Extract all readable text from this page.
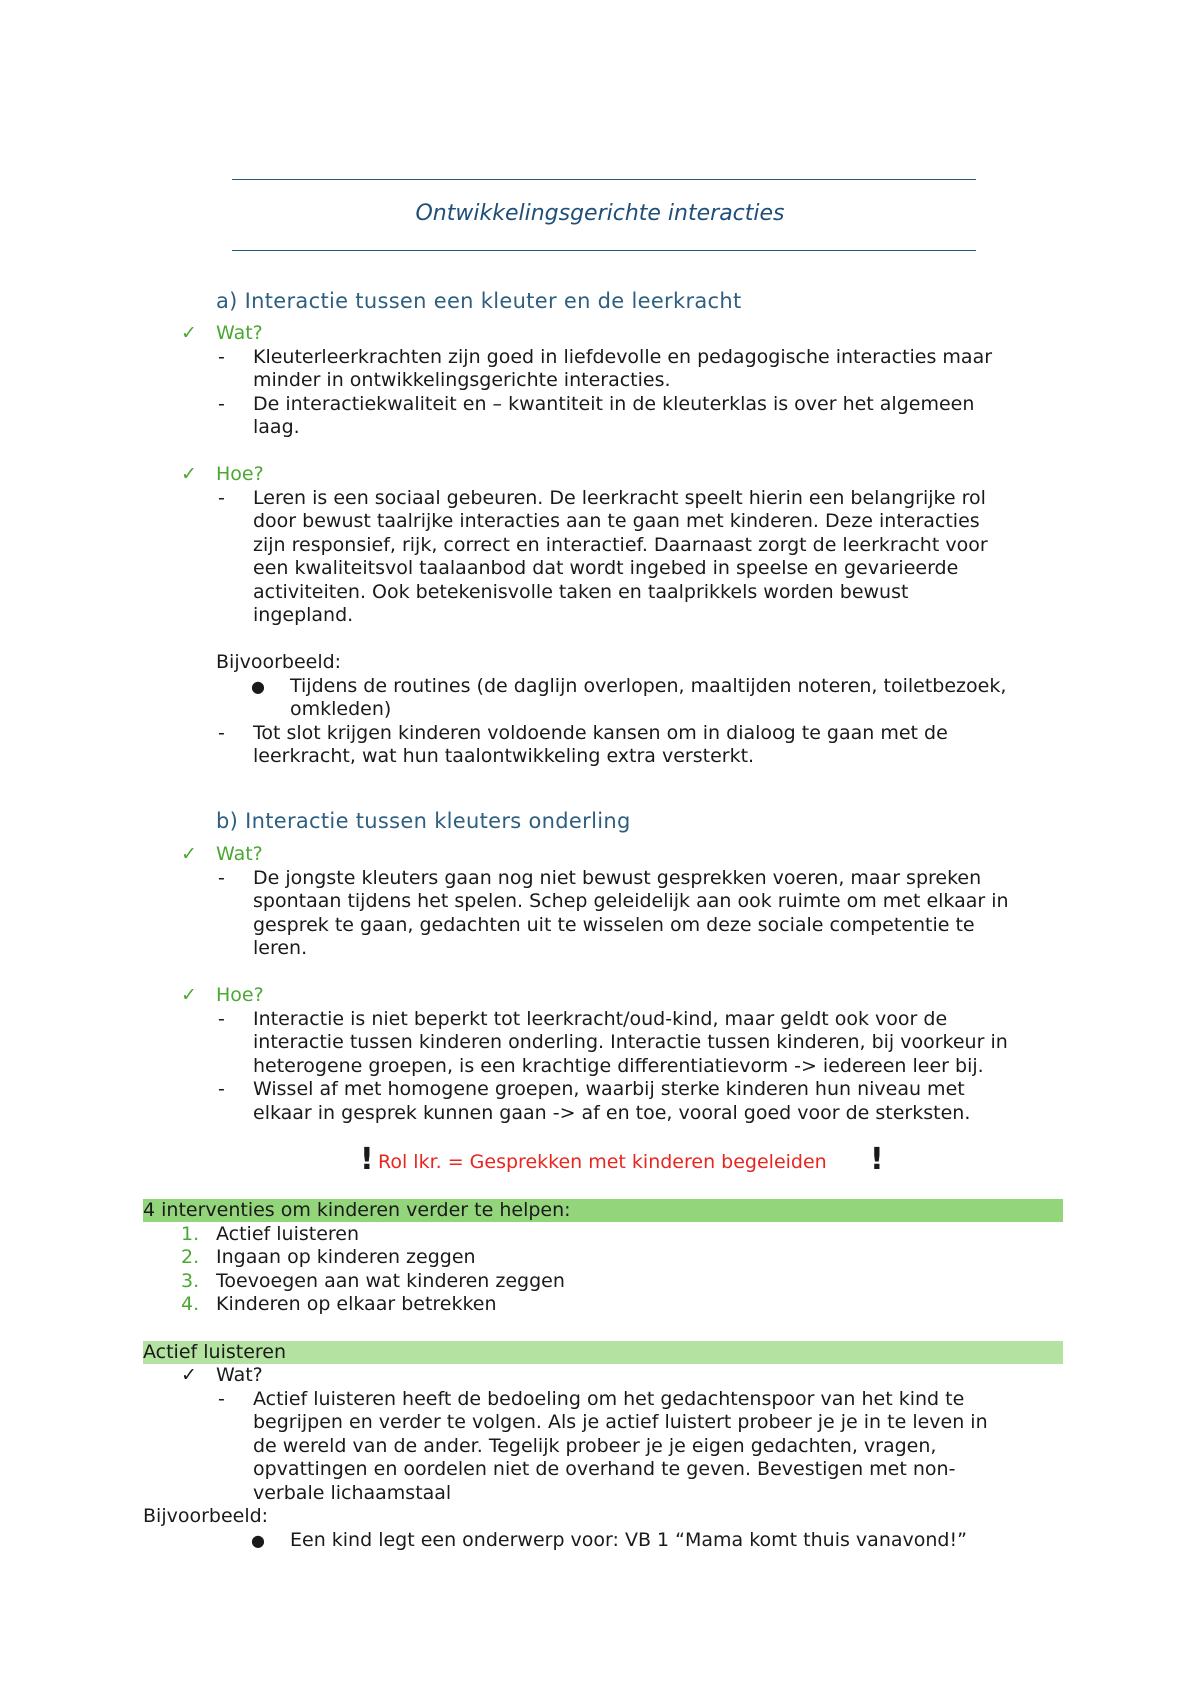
Ontwikkelingsgerichte interacties
a) Interactie tussen een kleuter en de leerkracht
✓ Wat?
- Kleuterleerkrachten zijn goed in liefdevolle en pedagogische interacties maar
minder in ontwikkelingsgerichte interacties.
- De interactiekwaliteit en – kwantiteit in de kleuterklas is over het algemeen
laag.
✓ Hoe?
- Leren is een sociaal gebeuren. De leerkracht speelt hierin een belangrijke rol
door bewust taalrijke interacties aan te gaan met kinderen. Deze interacties
zijn responsief, rijk, correct en interactief. Daarnaast zorgt de leerkracht voor
een kwaliteitsvol taalaanbod dat wordt ingebed in speelse en gevarieerde
activiteiten. Ook betekenisvolle taken en taalprikkels worden bewust
ingepland.
Bijvoorbeeld:
● Tijdens de routines (de daglijn overlopen, maaltijden noteren, toiletbezoek,
omkleden)
- Tot slot krijgen kinderen voldoende kansen om in dialoog te gaan met de
leerkracht, wat hun taalontwikkeling extra versterkt.
b) Interactie tussen kleuters onderling
✓ Wat?
- De jongste kleuters gaan nog niet bewust gesprekken voeren, maar spreken
spontaan tijdens het spelen. Schep geleidelijk aan ook ruimte om met elkaar in
gesprek te gaan, gedachten uit te wisselen om deze sociale competentie te
leren.
✓ Hoe?
- Interactie is niet beperkt tot leerkracht/oud-kind, maar geldt ook voor de
interactie tussen kinderen onderling. Interactie tussen kinderen, bij voorkeur in
heterogene groepen, is een krachtige differentiatievorm -> iedereen leer bij.
- Wissel af met homogene groepen, waarbij sterke kinderen hun niveau met
elkaar in gesprek kunnen gaan -> af en toe, vooral goed voor de sterksten.
! Rol lkr. = Gesprekken met kinderen begeleiden !
4 interventies om kinderen verder te helpen:
1. Actief luisteren
2. Ingaan op kinderen zeggen
3. Toevoegen aan wat kinderen zeggen
4. Kinderen op elkaar betrekken
Actief luisteren
✓ Wat?
- Actief luisteren heeft de bedoeling om het gedachtenspoor van het kind te
begrijpen en verder te volgen. Als je actief luistert probeer je je in te leven in
de wereld van de ander. Tegelijk probeer je je eigen gedachten, vragen,
opvattingen en oordelen niet de overhand te geven. Bevestigen met non-
verbale lichaamstaal
Bijvoorbeeld:
● Een kind legt een onderwerp voor: VB 1 “Mama komt thuis vanavond!”
